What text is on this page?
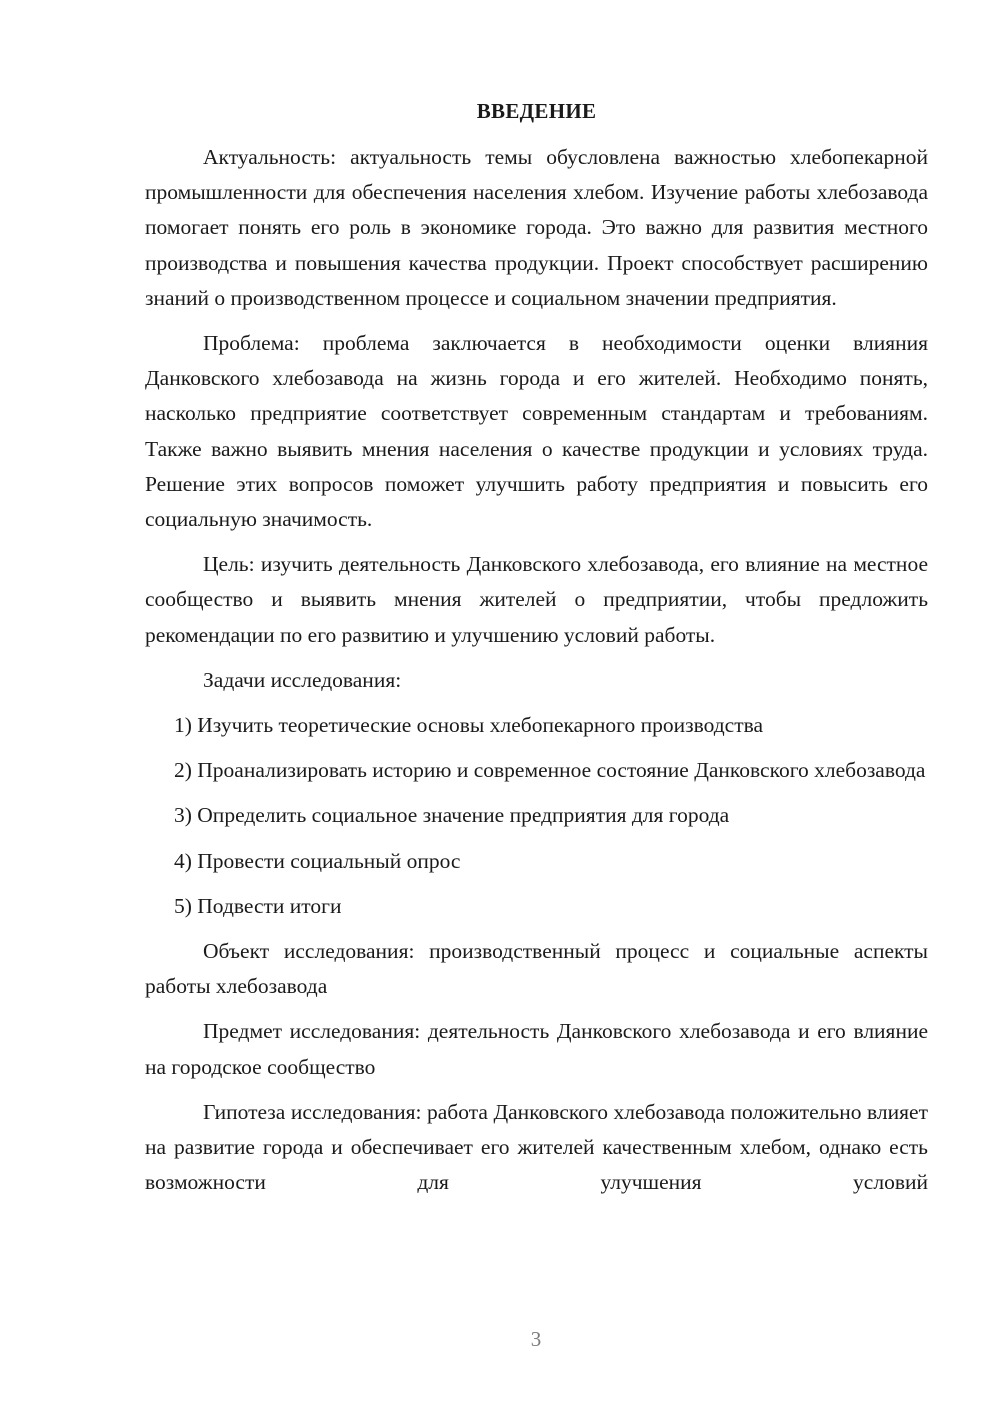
ВВЕДЕНИЕ

Актуальность: актуальность темы обусловлена важностью хлебопекарной промышленности для обеспечения населения хлебом. Изучение работы хлебозавода помогает понять его роль в экономике города. Это важно для развития местного производства и повышения качества продукции. Проект способствует расширению знаний о производственном процессе и социальном значении предприятия.

Проблема: проблема заключается в необходимости оценки влияния Данковского хлебозавода на жизнь города и его жителей. Необходимо понять, насколько предприятие соответствует современным стандартам и требованиям. Также важно выявить мнения населения о качестве продукции и условиях труда. Решение этих вопросов поможет улучшить работу предприятия и повысить его социальную значимость.

Цель: изучить деятельность Данковского хлебозавода, его влияние на местное сообщество и выявить мнения жителей о предприятии, чтобы предложить рекомендации по его развитию и улучшению условий работы.

Задачи исследования:

1) Изучить теоретические основы хлебопекарного производства

2) Проанализировать историю и современное состояние Данковского хлебозавода

3) Определить социальное значение предприятия для города

4) Провести социальный опрос

5) Подвести итоги

Объект исследования: производственный процесс и социальные аспекты работы хлебозавода

Предмет исследования: деятельность Данковского хлебозавода и его влияние на городское сообщество

Гипотеза исследования: работа Данковского хлебозавода положительно влияет на развитие города и обеспечивает его жителей качественным хлебом, однако есть возможности для улучшения условий

3
